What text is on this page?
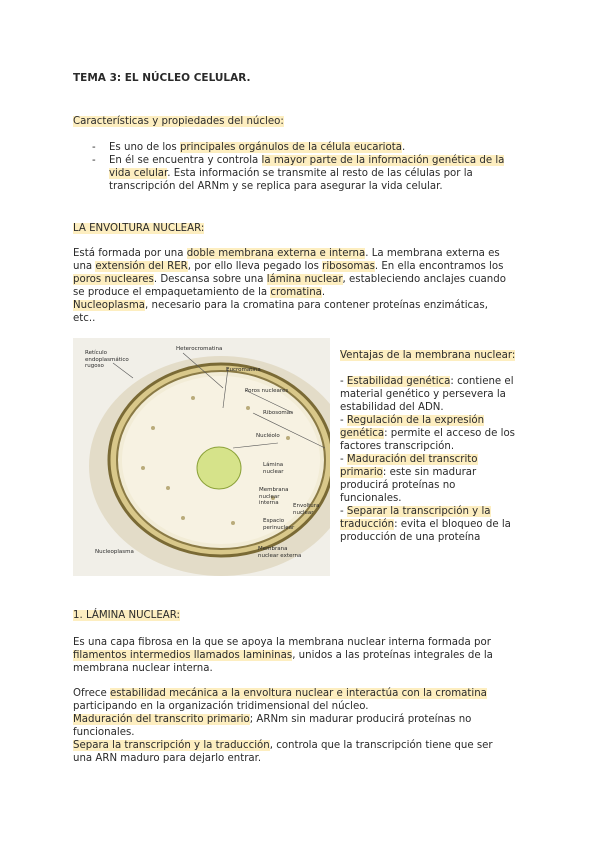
TEMA 3: EL NÚCLEO CELULAR.
Características y propiedades del núcleo:
- Es uno de los principales orgánulos de la célula eucariota.
- En él se encuentra y controla la mayor parte de la información genética de la
vida celular. Esta información se transmite al resto de las células por la
transcripción del ARNm y se replica para asegurar la vida celular.
LA ENVOLTURA NUCLEAR:
Está formada por una doble membrana externa e interna. La membrana externa es
una extensión del RER, por ello lleva pegado los ribosomas. En ella encontramos los
poros nucleares. Descansa sobre una lámina nuclear, estableciendo anclajes cuando
se produce el empaquetamiento de la cromatina.
Nucleoplasma, necesario para la cromatina para contener proteínas enzimáticas,
etc..
Retículo
endoplasmático
rugoso
Heterocromatina
Eucromatina
Poros nucleares
Ribosomas
Nucléolo
Lámina
nuclear
Membrana
nuclear
interna	Envoltura
nuclear
Espacio
perinuclear
Nucleoplasma	Membrana
nuclear externa
Ventajas de la membrana nuclear:
- Estabilidad genética: contiene el
material genético y persevera la
estabilidad del ADN.
- Regulación de la expresión
genética: permite el acceso de los
factores transcripción.
- Maduración del transcrito
primario: este sin madurar
producirá proteínas no
funcionales.
- Separar la transcripción y la
traducción: evita el bloqueo de la
producción de una proteína
1. LÁMINA NUCLEAR:
Es una capa fibrosa en la que se apoya la membrana nuclear interna formada por
filamentos intermedios llamados lamininas, unidos a las proteínas integrales de la
membrana nuclear interna.
Ofrece estabilidad mecánica a la envoltura nuclear e interactúa con la cromatina
participando en la organización tridimensional del núcleo.
Maduración del transcrito primario; ARNm sin madurar producirá proteínas no
funcionales.
Separa la transcripción y la traducción, controla que la transcripción tiene que ser
una ARN maduro para dejarlo entrar.
